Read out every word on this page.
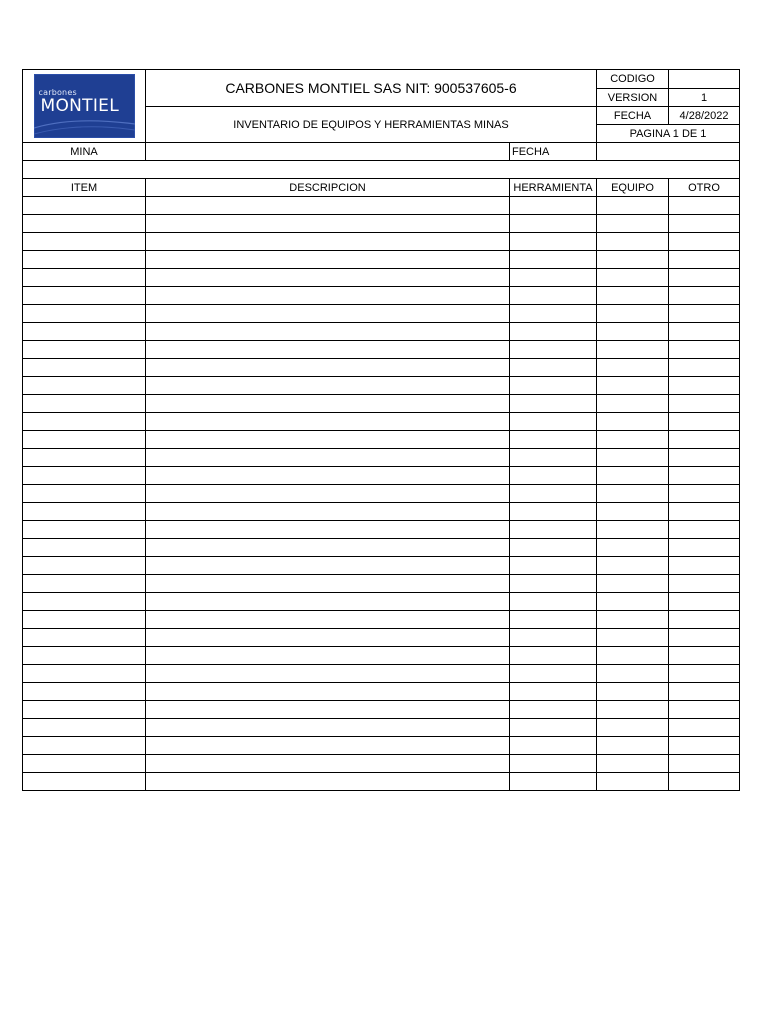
carbones
MONTIEL	CARBONES MONTIEL SAS NIT: 900537605-6		CODIGO	
			VERSION	1
	INVENTARIO DE EQUIPOS Y HERRAMIENTAS MINAS		FECHA	4/28/2022
			PAGINA 1 DE 1	
MINA		FECHA		

ITEM	DESCRIPCION	HERRAMIENTA	EQUIPO	OTRO
